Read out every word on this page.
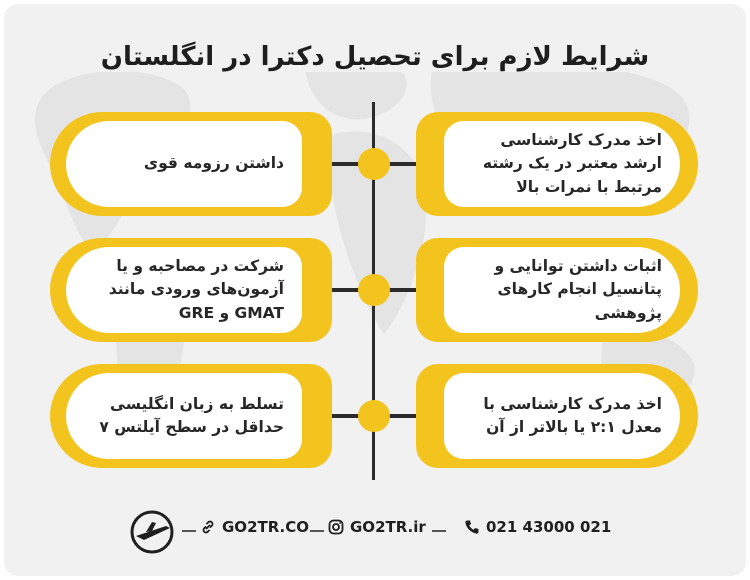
شرایط لازم برای تحصیل دکترا در انگلستان
داشتن رزومه قوی
اخذ مدرک کارشناسی ارشد معتبر در یک رشته مرتبط با نمرات بالا
شرکت در مصاحبه و یا آزمون‌های ورودی مانند GMAT و GRE
اثبات داشتن توانایی و پتانسیل انجام کارهای پژوهشی
تسلط به زبان انگلیسی حداقل در سطح آیلتس ۷
اخذ مدرک کارشناسی با معدل ۲:۱ یا بالاتر از آن
GO2TR.CO	GO2TR.ir	021 43000 021
